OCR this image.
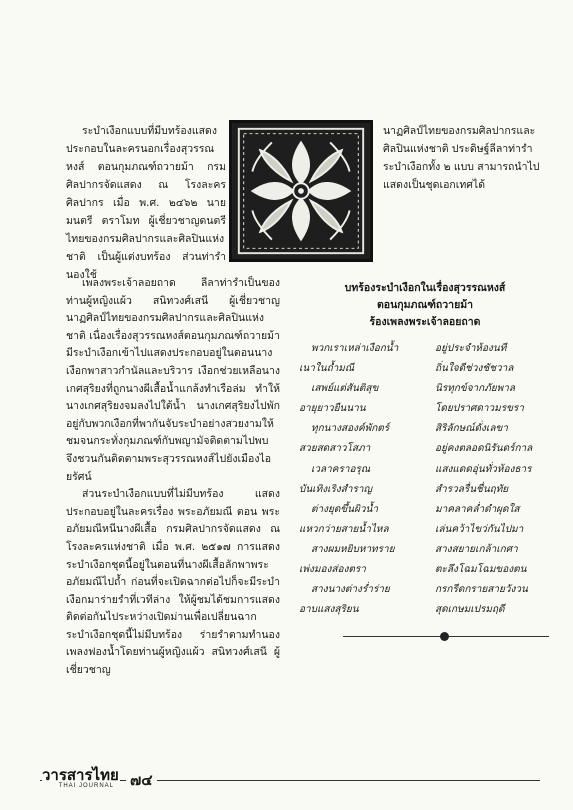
ระบำเงือกแบบที่มีบทร้องแสดงประกอบในละครนอกเรื่องสุวรรณหงส์ ตอนกุมภณฑ์ถวายม้า กรมศิลปากรจัดแสดง ณ โรงละครศิลปากร เมื่อ พ.ศ. ๒๔๖๒ นายมนตรี ตราโมท ผู้เชี่ยวชาญดนตรีไทยของกรมศิลปากรและศิลปินแห่งชาติ เป็นผู้แต่งบทร้อง ส่วนท่ารำนองใช้

นาฏศิลป์ไทยของกรมศิลปากรและศิลปินแห่งชาติ ประดิษฐ์ลีลาท่ารำระบำเงือกทั้ง ๒ แบบ สามารถนำไปแสดงเป็นชุดเอกเทศได้

เพลงพระเจ้าลอยถาด ลีลาท่ารำเป็นของท่านผู้หญิงแผ้ว สนิทวงศ์เสนี ผู้เชี่ยวชาญนาฏศิลป์ไทยของกรมศิลปากรและศิลปินแห่งชาติ เนื่องเรื่องสุวรรณหงส์ตอนกุมภณฑ์ถวายม้ามีระบำเงือกเข้าไปแสดงประกอบอยู่ในตอนนางเงือกพาสาวกำนัลและบริวาร เงือกช่วยเหลือนางเกศสุริยงที่ถูกนางผีเสื้อน้ำแกล้งทำเรือล่ม ทำให้นางเกศสุริยงจมลงไปใต้น้ำ นางเกศสุริยงไปพักอยู่กับพวกเงือกที่พากันจับระบำอย่างสวยงามให้ชมจนกระทั่งกุมภณฑ์กับพญามัจติดตามไปพบ จึงชวนกันติดตามพระสุวรรณหงส์ไปยังเมืองไอยรัศน์

ส่วนระบำเงือกแบบที่ไม่มีบทร้อง แสดงประกอบอยู่ในละครเรื่อง พระอภัยมณี ตอน พระอภัยมณีหนีนางผีเสื้อ กรมศิลปากรจัดแสดง ณ โรงละครแห่งชาติ เมื่อ พ.ศ. ๒๕๑๗ การแสดงระบำเงือกชุดนี้อยู่ในตอนที่นางผีเสื้อลักพาพระอภัยมณีไปถ้ำ ก่อนที่จะเปิดฉากต่อไปก็จะมีระบำเงือกมาร่ายรำที่เวทีล่าง ให้ผู้ชมได้ชมการแสดงติดต่อกันไประหว่างเปิดม่านเพื่อเปลี่ยนฉาก ระบำเงือกชุดนี้ไม่มีบทร้อง ร่ายรำตามทำนองเพลงฟองน้ำโดยท่านผู้หญิงแผ้ว สนิทวงศ์เสนี ผู้เชี่ยวชาญ

บทร้องระบำเงือกในเรื่องสุวรรณหงส์

ตอนกุมภณฑ์ถวายม้า

ร้องเพลงพระเจ้าลอยถาด

พวกเราเหล่าเงือกน้ำ	อยู่ประจำห้องนที
เนาในถ้ำมณี	ถิ่นใจดีช่วงชัชวาล
เสพย์แต่สันติสุข	นิรทุกข์จากภัยพาล
อายุยาวยืนนาน	โดยปราศดาวมรขรา
ทุกนางสองค์พักตร์	สิริลักษณ์ดั่งเลขา
สวยสดสาวโสภา	อยู่คงตลอดนิรันดร์กาล
เวลาคราอรุณ	แสงแดดอุ่นทั่วห้องธาร
บันเทิงเริงสำราญ	สำรวลรื่นชื่นฤทัย
ต่างยุดขึ้นผิวน้ำ	มาคลาคล่ำดำผุดใส
แหวกว่ายสายน้ำไหล	เล่นคว้าไขว่กันไปมา
สางผมหยิบหาทราย	สางสยายเกล้าเกศา
เพ่งมองส่องตรา	ตะลึงโฉมโฉมของตน
สางนางต่างร่ำร่าย	กรกรีดกรายสายวังวน
อาบแสงสุริยน	สุดเกษมเปรมฤดี
วารสารไทย
THAI JOURNAL	๗๔
